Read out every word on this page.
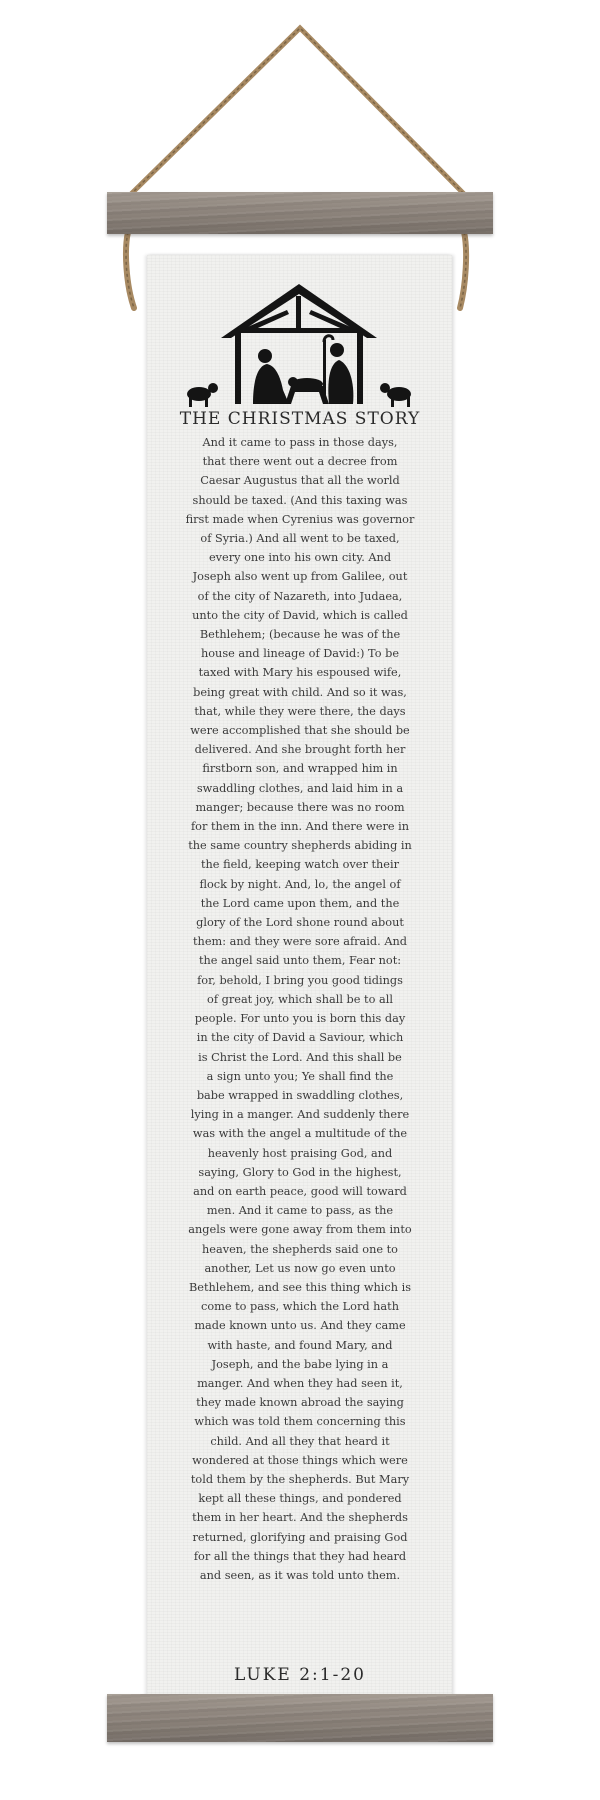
THE CHRISTMAS STORY
And it came to pass in those days,
that there went out a decree from
Caesar Augustus that all the world
should be taxed. (And this taxing was
first made when Cyrenius was governor
of Syria.) And all went to be taxed,
every one into his own city. And
Joseph also went up from Galilee, out
of the city of Nazareth, into Judaea,
unto the city of David, which is called
Bethlehem; (because he was of the
house and lineage of David:) To be
taxed with Mary his espoused wife,
being great with child. And so it was,
that, while they were there, the days
were accomplished that she should be
delivered. And she brought forth her
firstborn son, and wrapped him in
swaddling clothes, and laid him in a
manger; because there was no room
for them in the inn. And there were in
the same country shepherds abiding in
the field, keeping watch over their
flock by night. And, lo, the angel of
the Lord came upon them, and the
glory of the Lord shone round about
them: and they were sore afraid. And
the angel said unto them, Fear not:
for, behold, I bring you good tidings
of great joy, which shall be to all
people. For unto you is born this day
in the city of David a Saviour, which
is Christ the Lord. And this shall be
a sign unto you; Ye shall find the
babe wrapped in swaddling clothes,
lying in a manger. And suddenly there
was with the angel a multitude of the
heavenly host praising God, and
saying, Glory to God in the highest,
and on earth peace, good will toward
men. And it came to pass, as the
angels were gone away from them into
heaven, the shepherds said one to
another, Let us now go even unto
Bethlehem, and see this thing which is
come to pass, which the Lord hath
made known unto us. And they came
with haste, and found Mary, and
Joseph, and the babe lying in a
manger. And when they had seen it,
they made known abroad the saying
which was told them concerning this
child. And all they that heard it
wondered at those things which were
told them by the shepherds. But Mary
kept all these things, and pondered
them in her heart. And the shepherds
returned, glorifying and praising God
for all the things that they had heard
and seen, as it was told unto them.
LUKE 2:1-20
